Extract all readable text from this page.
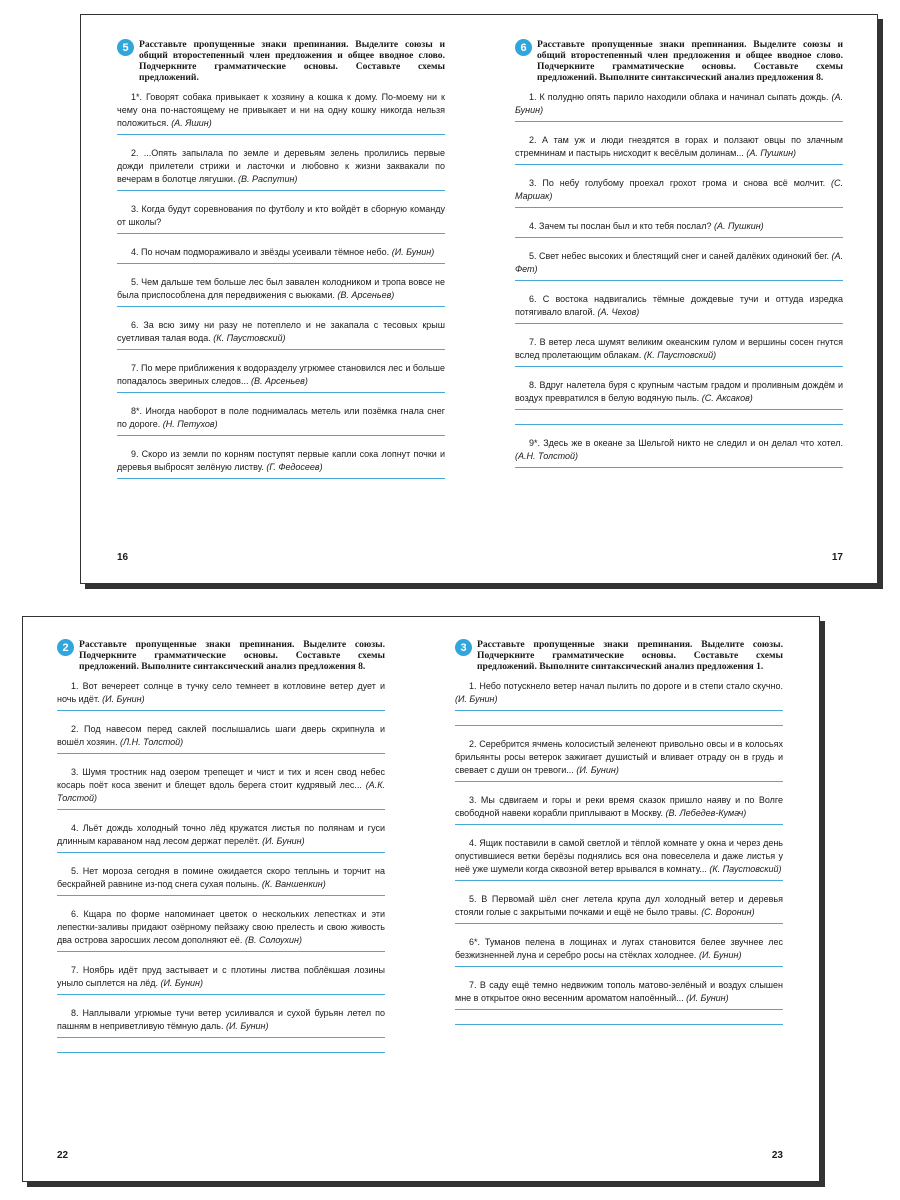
5	Расставьте пропущенные знаки препинания. Выделите союзы и общий второстепенный член предложения и общее вводное слово. Подчеркните грамматические основы. Составьте схемы предложений.
1*. Говорят собака привыкает к хозяину а кошка к дому. По-моему ни к чему она по-настоящему не привыкает и ни на одну кошку никогда нельзя положиться. (А. Яшин)
2. ...Опять запылала по земле и деревьям зелень пролились первые дожди прилетели стрижи и ласточки и любовно к жизни заквакали по вечерам в болотце лягушки. (В. Распутин)
3. Когда будут соревнования по футболу и кто войдёт в сборную команду от школы?
4. По ночам подмораживало и звёзды усеивали тёмное небо. (И. Бунин)
5. Чем дальше тем больше лес был завален колодником и тропа вовсе не была приспособлена для передвижения с вьюками. (В. Арсеньев)
6. За всю зиму ни разу не потеплело и не закапала с тесовых крыш суетливая талая вода. (К. Паустовский)
7. По мере приближения к водоразделу угрюмее становился лес и больше попадалось звериных следов... (В. Арсеньев)
8*. Иногда наоборот в поле поднималась метель или позёмка гнала снег по дороге. (Н. Петухов)
9. Скоро из земли по корням поступят первые капли сока лопнут почки и деревья выбросят зелёную листву. (Г. Федосеев)
16
6	Расставьте пропущенные знаки препинания. Выделите союзы и общий второстепенный член предложения и общее вводное слово. Подчеркните грамматические основы. Составьте схемы предложений. Выполните синтаксический анализ предложения 8.
1. К полудню опять парило находили облака и начинал сыпать дождь. (А. Бунин)
2. А там уж и люди гнездятся в горах и ползают овцы по злачным стремнинам и пастырь нисходит к весёлым долинам... (А. Пушкин)
3. По небу голубому проехал грохот грома и снова всё молчит. (С. Маршак)
4. Зачем ты послан был и кто тебя послал? (А. Пушкин)
5. Свет небес высоких и блестящий снег и саней далёких одинокий бег. (А. Фет)
6. С востока надвигались тёмные дождевые тучи и оттуда изредка потягивало влагой. (А. Чехов)
7. В ветер леса шумят великим океанским гулом и вершины сосен гнутся вслед пролетающим облакам. (К. Паустовский)
8. Вдруг налетела буря с крупным частым градом и проливным дождём и воздух превратился в белую водяную пыль. (С. Аксаков)
9*. Здесь же в океане за Шельгой никто не следил и он делал что хотел. (А.Н. Толстой)
17
2	Расставьте пропущенные знаки препинания. Выделите союзы. Подчеркните грамматические основы. Составьте схемы предложений. Выполните синтаксический анализ предложения 8.
1. Вот вечереет солнце в тучку село темнеет в котловине ветер дует и ночь идёт. (И. Бунин)
2. Под навесом перед саклей послышались шаги дверь скрипнула и вошёл хозяин. (Л.Н. Толстой)
3. Шумя тростник над озером трепещет и чист и тих и ясен свод небес косарь поёт коса звенит и блещет вдоль берега стоит кудрявый лес... (А.К. Толстой)
4. Льёт дождь холодный точно лёд кружатся листья по полянам и гуси длинным караваном над лесом держат перелёт. (И. Бунин)
5. Нет мороза сегодня в помине ожидается скоро теплынь и торчит на бескрайней равнине из-под снега сухая полынь. (К. Ваншенкин)
6. Кщара по форме напоминает цветок о нескольких лепестках и эти лепестки-заливы придают озёрному пейзажу свою прелесть и свою живость два острова заросших лесом дополняют её. (В. Солоухин)
7. Ноябрь идёт пруд застывает и с плотины листва поблёкшая лозины уныло сыплется на лёд. (И. Бунин)
8. Наплывали угрюмые тучи ветер усиливался и сухой бурьян летел по пашням в неприветливую тёмную даль. (И. Бунин)
22
3	Расставьте пропущенные знаки препинания. Выделите союзы. Подчеркните грамматические основы. Составьте схемы предложений. Выполните синтаксический анализ предложения 1.
1. Небо потускнело ветер начал пылить по дороге и в степи стало скучно. (И. Бунин)
2. Серебрится ячмень колосистый зеленеют привольно овсы и в колосьях брильянты росы ветерок зажигает душистый и вливает отраду он в грудь и свевает с души он тревоги... (И. Бунин)
3. Мы сдвигаем и горы и реки время сказок пришло наяву и по Волге свободной навеки корабли приплывают в Москву. (В. Лебедев-Кумач)
4. Ящик поставили в самой светлой и тёплой комнате у окна и через день опустившиеся ветки берёзы поднялись вся она повеселела и даже листья у неё уже шумели когда сквозной ветер врывался в комнату... (К. Паустовский)
5. В Первомай шёл снег летела крупа дул холодный ветер и деревья стояли голые с закрытыми почками и ещё не было травы. (С. Воронин)
6*. Туманов пелена в лощинах и лугах становится белее звучнее лес безжизненней луна и серебро росы на стёклах холоднее. (И. Бунин)
7. В саду ещё темно недвижим тополь матово-зелёный и воздух слышен мне в открытое окно весенним ароматом напоённый... (И. Бунин)
23
